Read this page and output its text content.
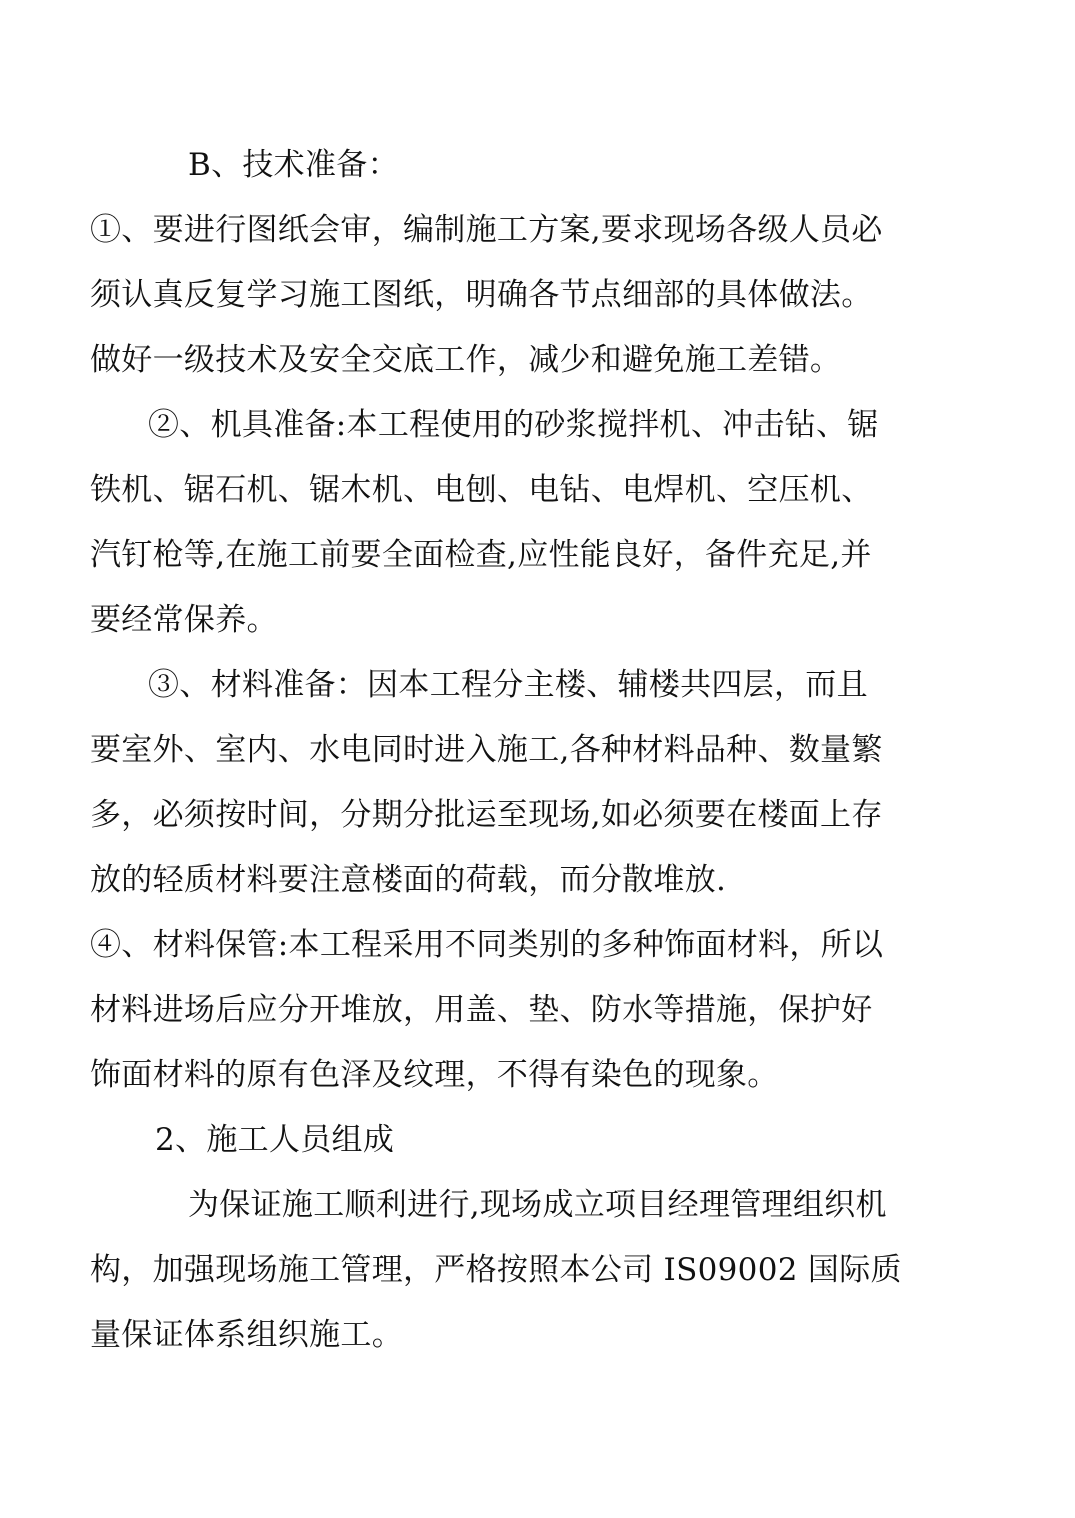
B、技术准备：
①、要进行图纸会审，编制施工方案,要求现场各级人员必
须认真反复学习施工图纸，明确各节点细部的具体做法。
做好一级技术及安全交底工作，减少和避免施工差错。
②、机具准备:本工程使用的砂浆搅拌机、冲击钻、锯
铁机、锯石机、锯木机、电刨、电钻、电焊机、空压机、
汽钉枪等,在施工前要全面检查,应性能良好，备件充足,并
要经常保养。
③、材料准备：因本工程分主楼、辅楼共四层，而且
要室外、室内、水电同时进入施工,各种材料品种、数量繁
多，必须按时间，分期分批运至现场,如必须要在楼面上存
放的轻质材料要注意楼面的荷载，而分散堆放.
④、材料保管:本工程采用不同类别的多种饰面材料，所以
材料进场后应分开堆放，用盖、垫、防水等措施，保护好
饰面材料的原有色泽及纹理，不得有染色的现象。
2、施工人员组成
为保证施工顺利进行,现场成立项目经理管理组织机
构，加强现场施工管理，严格按照本公司 IS09002 国际质
量保证体系组织施工。
